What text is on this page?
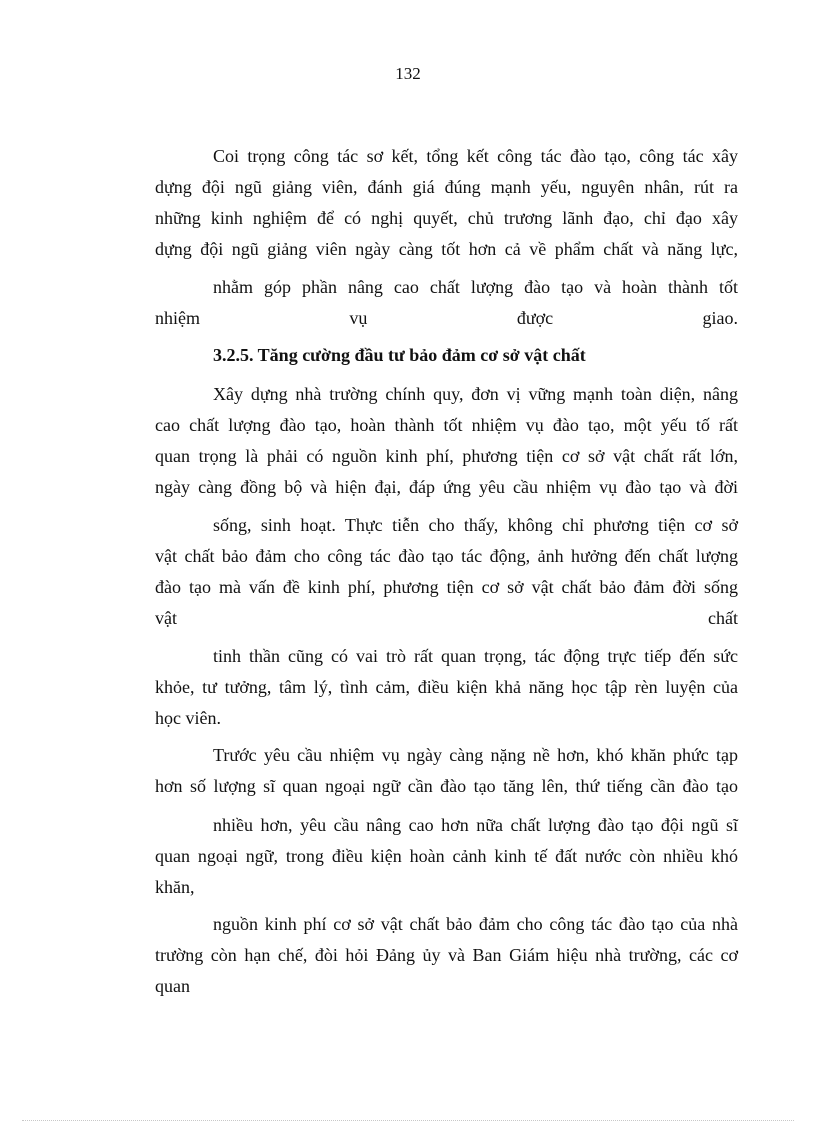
132
Coi trọng công tác sơ kết, tổng kết công tác đào tạo, công tác xây
dựng đội ngũ giảng viên, đánh giá đúng mạnh yếu, nguyên nhân, rút ra
những kinh nghiệm để có nghị quyết, chủ trương lãnh đạo, chỉ đạo xây
dựng đội ngũ giảng viên ngày càng tốt hơn cả về phẩm chất và năng lực,
nhằm góp phần nâng cao chất lượng đào tạo và hoàn thành tốt
nhiệm vụ được giao.
3.2.5. Tăng cường đầu tư bảo đảm cơ sở vật chất
Xây dựng nhà trường chính quy, đơn vị vững mạnh toàn diện, nâng
cao chất lượng đào tạo, hoàn thành tốt nhiệm vụ đào tạo, một yếu tố rất
quan trọng là phải có nguồn kinh phí, phương tiện cơ sở vật chất rất lớn,
ngày càng đồng bộ và hiện đại, đáp ứng yêu cầu nhiệm vụ đào tạo và đời
sống, sinh hoạt. Thực tiễn cho thấy, không chỉ phương tiện cơ sở
vật chất bảo đảm cho công tác đào tạo tác động, ảnh hưởng đến chất lượng
đào tạo mà vấn đề kinh phí, phương tiện cơ sở vật chất bảo đảm đời sống
vật chất
tinh thần cũng có vai trò rất quan trọng, tác động trực tiếp đến sức
khỏe, tư tưởng, tâm lý, tình cảm, điều kiện khả năng học tập rèn luyện của
học viên.
Trước yêu cầu nhiệm vụ ngày càng nặng nề hơn, khó khăn phức tạp
hơn số lượng sĩ quan ngoại ngữ cần đào tạo tăng lên, thứ tiếng cần đào tạo
nhiều hơn, yêu cầu nâng cao hơn nữa chất lượng đào tạo đội ngũ sĩ
quan ngoại ngữ, trong điều kiện hoàn cảnh kinh tế đất nước còn nhiều khó
khăn,
nguồn kinh phí cơ sở vật chất bảo đảm cho công tác đào tạo của nhà
trường còn hạn chế, đòi hỏi Đảng ủy và Ban Giám hiệu nhà trường, các cơ
quan
